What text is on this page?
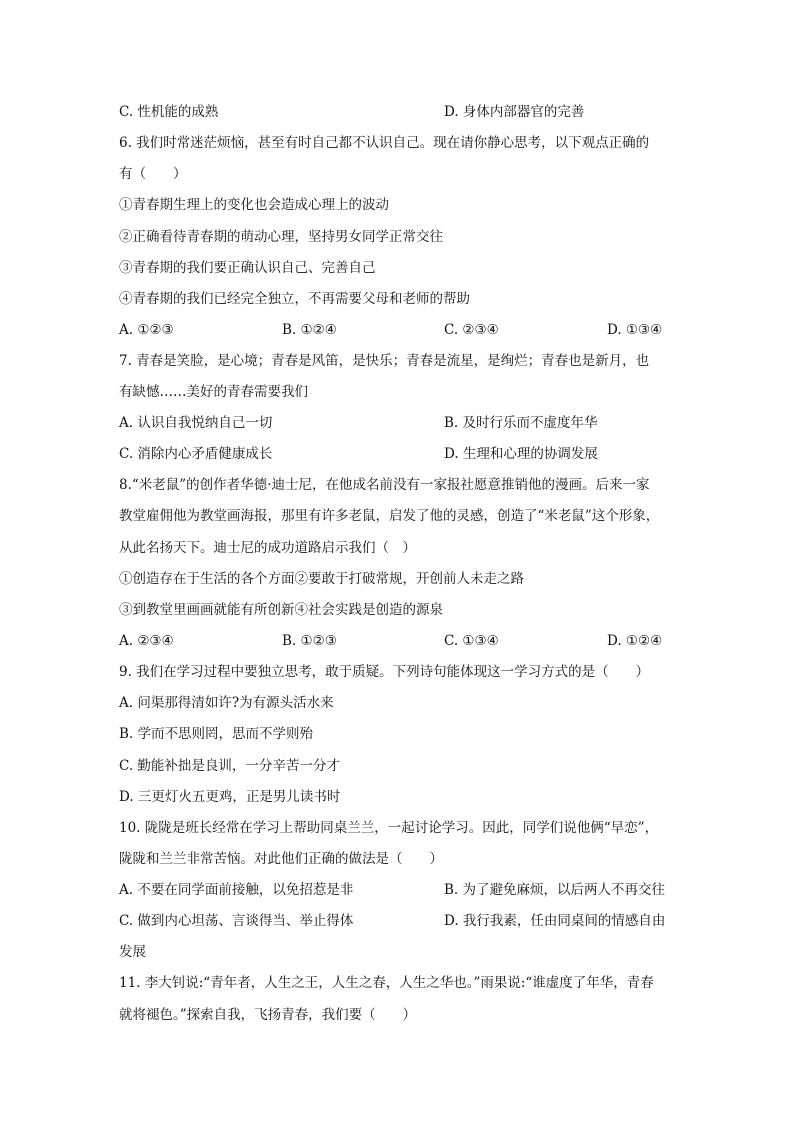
C. 性机能的成熟	D. 身体内部器官的完善
6. 我们时常迷茫烦恼，甚至有时自己都不认识自己。现在请你静心思考，以下观点正确的
有（　　）
①青春期生理上的变化也会造成心理上的波动
②正确看待青春期的萌动心理，坚持男女同学正常交往
③青春期的我们要正确认识自己、完善自己
④青春期的我们已经完全独立，不再需要父母和老师的帮助
A. ①②③	B. ①②④	C. ②③④	D. ①③④
7. 青春是笑脸，是心境；青春是风笛，是快乐；青春是流星，是绚烂；青春也是新月，也
有缺憾……美好的青春需要我们
A. 认识自我悦纳自己一切	B. 及时行乐而不虚度年华
C. 消除内心矛盾健康成长	D. 生理和心理的协调发展
8.“米老鼠”的创作者华德·迪士尼，在他成名前没有一家报社愿意推销他的漫画。后来一家
教堂雇佣他为教堂画海报，那里有许多老鼠，启发了他的灵感，创造了“米老鼠”这个形象，
从此名扬天下。迪士尼的成功道路启示我们（　）
①创造存在于生活的各个方面②要敢于打破常规，开创前人未走之路
③到教堂里画画就能有所创新④社会实践是创造的源泉
A. ②③④	B. ①②③	C. ①③④	D. ①②④
9. 我们在学习过程中要独立思考，敢于质疑。下列诗句能体现这一学习方式的是（　　）
A. 问渠那得清如许?为有源头活水来
B. 学而不思则罔，思而不学则殆
C. 勤能补拙是良训，一分辛苦一分才
D. 三更灯火五更鸡，正是男儿读书时
10. 陇陇是班长经常在学习上帮助同桌兰兰，一起讨论学习。因此，同学们说他俩“早恋”，
陇陇和兰兰非常苦恼。对此他们正确的做法是（　　）
A. 不要在同学面前接触，以免招惹是非	B. 为了避免麻烦，以后两人不再交往
C. 做到内心坦荡、言谈得当、举止得体	D. 我行我素，任由同桌间的情感自由
发展
11. 李大钊说:“青年者，人生之王，人生之春，人生之华也。”雨果说:“谁虚度了年华，青春
就将褪色。”探索自我，飞扬青春，我们要（　　）
